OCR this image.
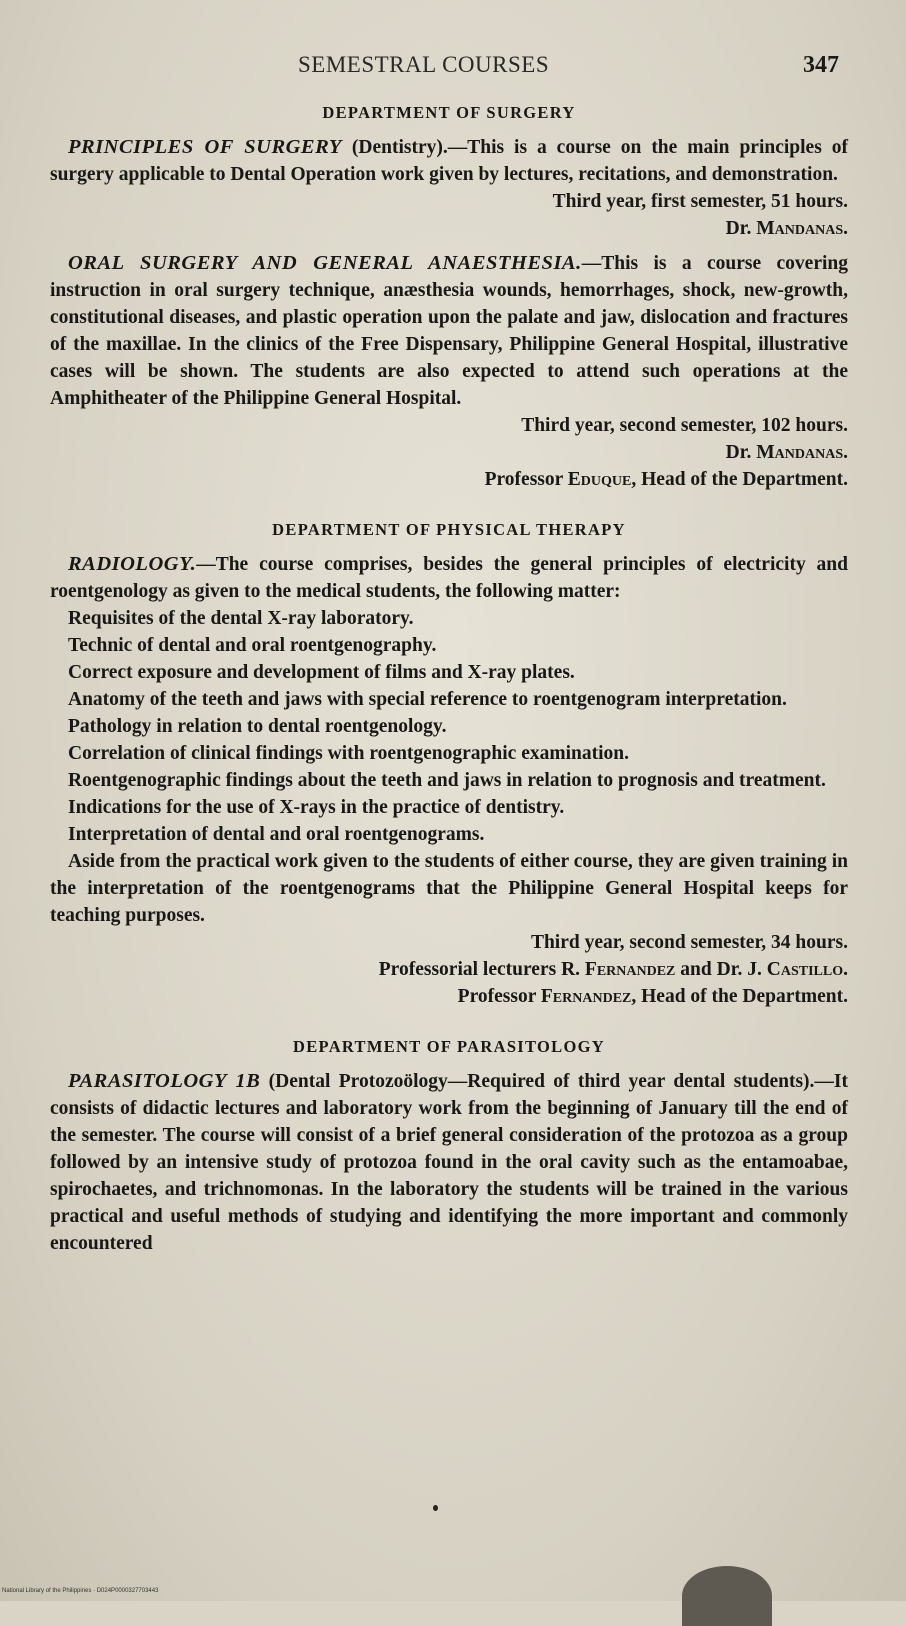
SEMESTRAL COURSES	347
DEPARTMENT OF SURGERY

PRINCIPLES OF SURGERY (Dentistry).—This is a course on the main principles of surgery applicable to Dental Operation work given by lectures, recitations, and demonstration.

Third year, first semester, 51 hours.

Dr. Mandanas.

ORAL SURGERY AND GENERAL ANAESTHESIA.—This is a course covering instruction in oral surgery technique, anæsthesia wounds, hemorrhages, shock, new-growth, constitutional diseases, and plastic operation upon the palate and jaw, dislocation and fractures of the maxillae. In the clinics of the Free Dispensary, Philippine General Hospital, illustrative cases will be shown. The students are also expected to attend such operations at the Amphitheater of the Philippine General Hospital.

Third year, second semester, 102 hours.

Dr. Mandanas.

Professor Eduque, Head of the Department.

DEPARTMENT OF PHYSICAL THERAPY

RADIOLOGY.—The course comprises, besides the general principles of electricity and roentgenology as given to the medical students, the following matter:

Requisites of the dental X-ray laboratory.

Technic of dental and oral roentgenography.

Correct exposure and development of films and X-ray plates.

Anatomy of the teeth and jaws with special reference to roentgenogram interpretation.

Pathology in relation to dental roentgenology.

Correlation of clinical findings with roentgenographic examination.

Roentgenographic findings about the teeth and jaws in relation to prognosis and treatment.

Indications for the use of X-rays in the practice of dentistry.

Interpretation of dental and oral roentgenograms.

Aside from the practical work given to the students of either course, they are given training in the interpretation of the roentgenograms that the Philippine General Hospital keeps for teaching purposes.

Third year, second semester, 34 hours.

Professorial lecturers R. Fernandez and Dr. J. Castillo.

Professor Fernandez, Head of the Department.

DEPARTMENT OF PARASITOLOGY

PARASITOLOGY 1B (Dental Protozoölogy—Required of third year dental students).—It consists of didactic lectures and laboratory work from the beginning of January till the end of the semester. The course will consist of a brief general consideration of the protozoa as a group followed by an intensive study of protozoa found in the oral cavity such as the entamoabae, spirochaetes, and trichnomonas. In the laboratory the students will be trained in the various practical and useful methods of studying and identifying the more important and commonly encountered

National Library of the Philippines · D024P0000327703443
